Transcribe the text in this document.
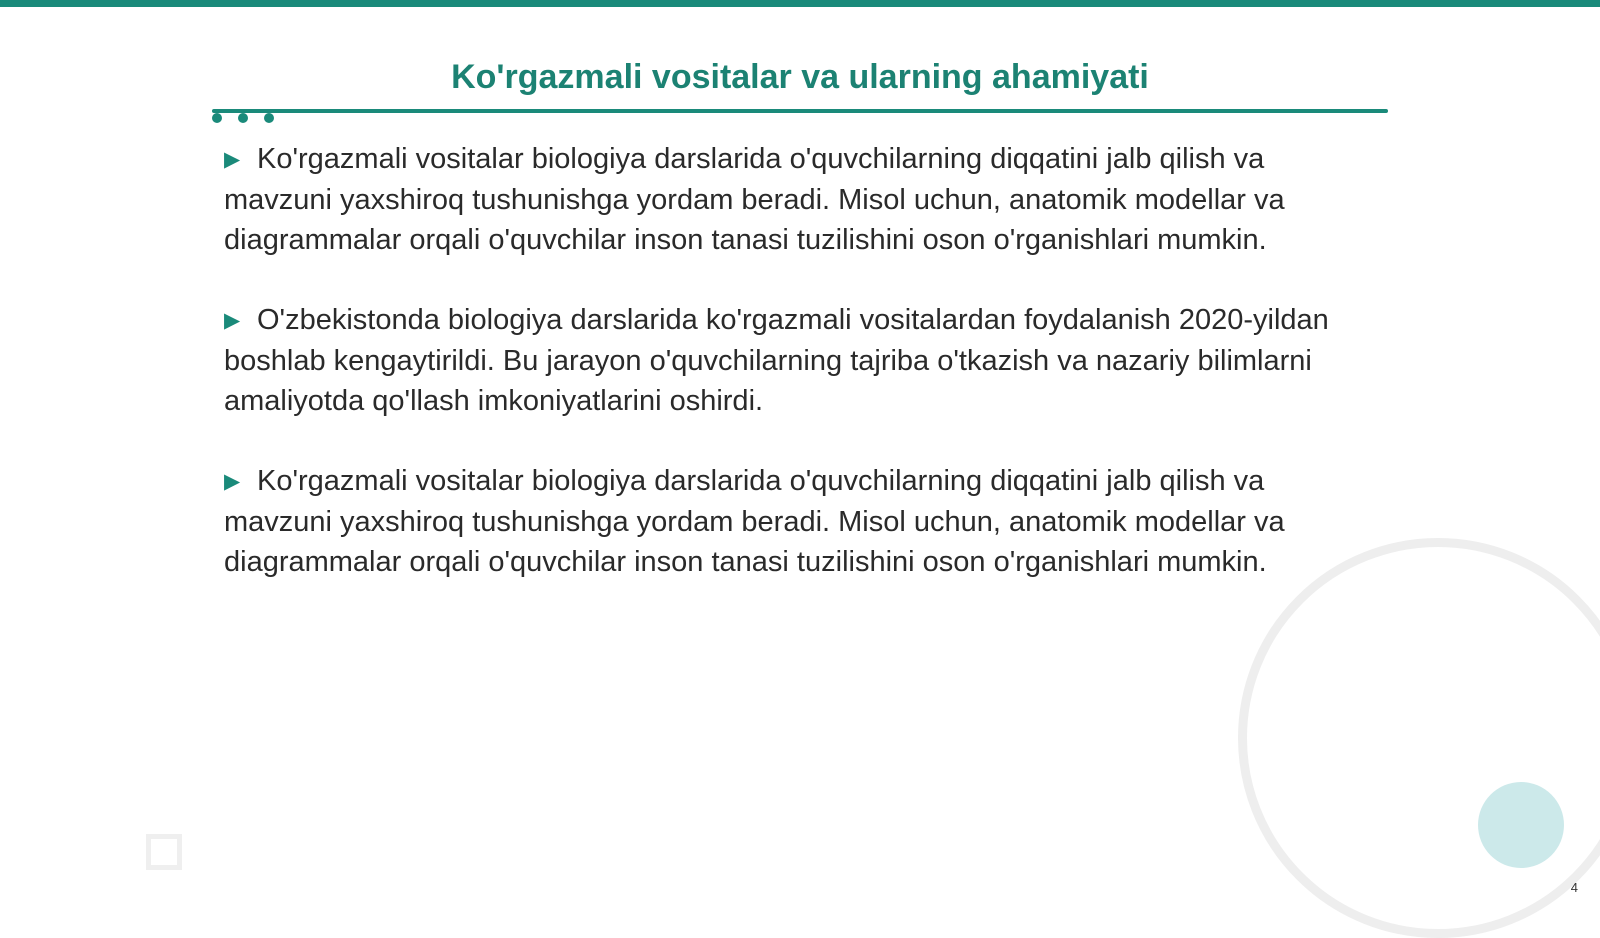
Ko'rgazmali vositalar va ularning ahamiyati

▶ Ko'rgazmali vositalar biologiya darslarida o'quvchilarning diqqatini jalb qilish va mavzuni yaxshiroq tushunishga yordam beradi. Misol uchun, anatomik modellar va diagrammalar orqali o'quvchilar inson tanasi tuzilishini oson o'rganishlari mumkin.

▶ O'zbekistonda biologiya darslarida ko'rgazmali vositalardan foydalanish 2020-yildan boshlab kengaytirildi. Bu jarayon o'quvchilarning tajriba o'tkazish va nazariy bilimlarni amaliyotda qo'llash imkoniyatlarini oshirdi.

▶ Ko'rgazmali vositalar biologiya darslarida o'quvchilarning diqqatini jalb qilish va mavzuni yaxshiroq tushunishga yordam beradi. Misol uchun, anatomik modellar va diagrammalar orqali o'quvchilar inson tanasi tuzilishini oson o'rganishlari mumkin.

4
